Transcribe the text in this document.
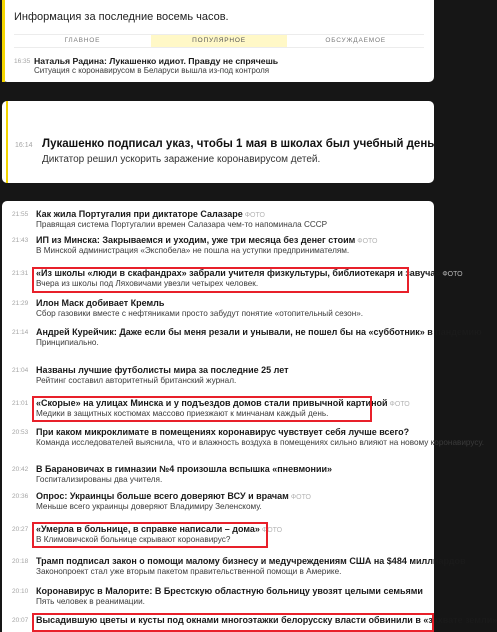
Информация за последние восемь часов.
ГЛАВНОЕ	ПОПУЛЯРНОЕ	ОБСУЖДАЕМОЕ
16:35 Наталья Радина: Лукашенко идиот. Правду не спрячешь
Ситуация с коронавирусом в Беларуси вышла из-под контроля
16:14 Лукашенко подписал указ, чтобы 1 мая в школах был учебный день
Диктатор решил ускорить заражение коронавирусом детей.
21:55 Как жила Португалия при диктаторе Салазаре ФОТО
Правящая система Португалии времен Салазара чем-то напоминала СССР
21:43 ИП из Минска: Закрываемся и уходим, уже три месяца без денег стоим ФОТО
В Минской администрация «Экспобела» не пошла на уступки предпринимателям.
21:31 «Из школы «люди в скафандрах» забрали учителя физкультуры, библиотекаря и завуча» ФОТО
Вчера из школы под Ляховичами увезли четырех человек.
21:29 Илон Маск добивает Кремль
Сбор газовики вместе с нефтяниками просто забудут понятие «отопительный сезон».
21:14 Андрей Курейчик: Даже если бы меня резали и унывали, не пошел бы на «субботник» в пандемию
Принципиально.
21:04 Названы лучшие футболисты мира за последние 25 лет
Рейтинг составил авторитетный британский журнал.
21:01 «Скорые» на улицах Минска и у подъездов домов стали привычной картиной ФОТО
Медики в защитных костюмах массово приезжают к минчанам каждый день.
20:53 При каком микроклимате в помещениях коронавирус чувствует себя лучше всего?
Команда исследователей выяснила, что и влажность воздуха в помещениях сильно влияют на новому коронавирусу.
20:42 В Барановичах в гимназии №4 произошла вспышка «пневмонии»
Госпитализированы два учителя.
20:36 Опрос: Украинцы больше всего доверяют ВСУ и врачам ФОТО
Меньше всего украинцы доверяют Владимиру Зеленскому.
20:27 «Умерла в больнице, в справке написали – дома» ФОТО
В Климовичской больнице скрывают коронавирус?
20:18 Трамп подписал закон о помощи малому бизнесу и медучреждениям США на $484 миллиардов
Законопроект стал уже вторым пакетом правительственной помощи в Америке.
20:10 Коронавирус в Малорите: В Брестскую областную больницу увозят целыми семьями
Пять человек в реанимации.
20:07 Высадившую цветы и кусты под окнами многоэтажки белорусску власти обвинили в «захвате земли»
